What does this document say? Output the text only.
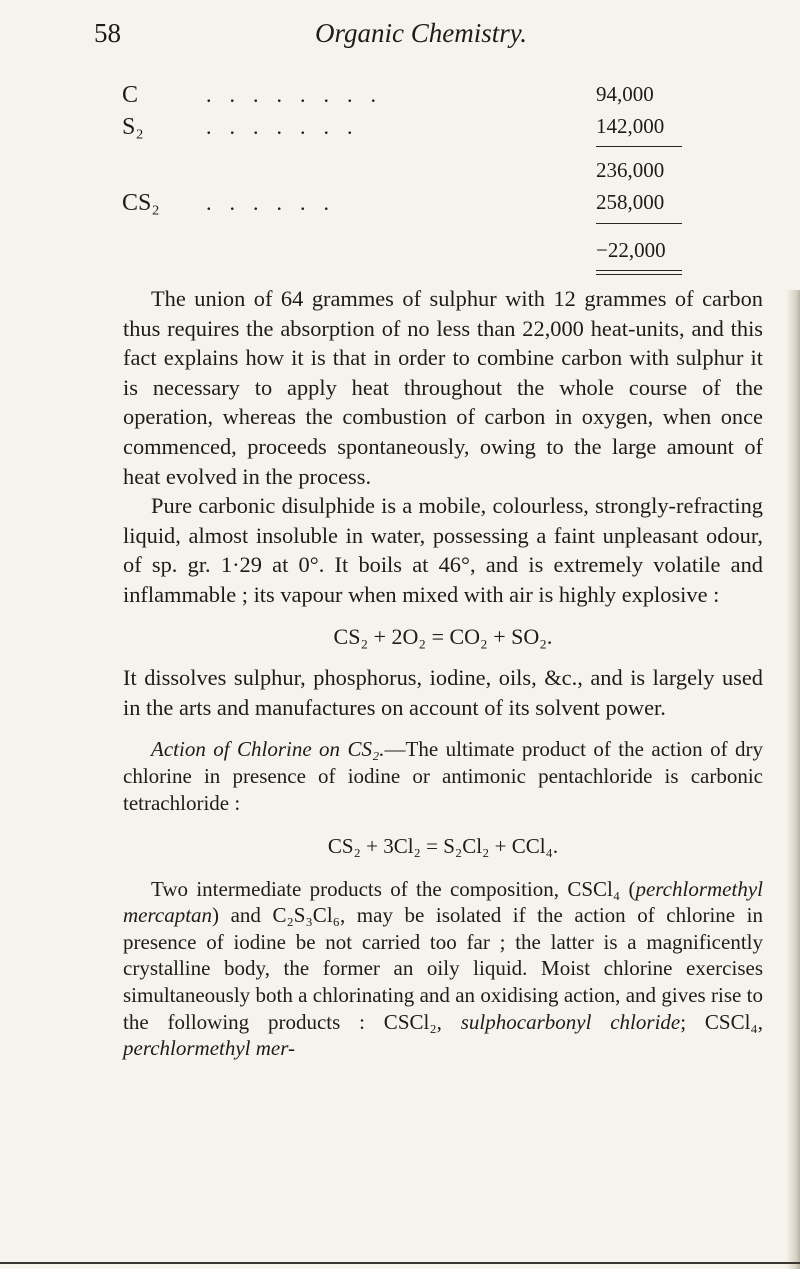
58	Organic Chemistry.
C	........	94,000
S₂	.......	142,000
236,000
CS₂ ......	258,000
−22,000

The union of 64 grammes of sulphur with 12 grammes of carbon thus requires the absorption of no less than 22,000 heat-units, and this fact explains how it is that in order to combine carbon with sulphur it is necessary to apply heat throughout the whole course of the operation, whereas the combustion of carbon in oxygen, when once commenced, proceeds spontaneously, owing to the large amount of heat evolved in the process.

Pure carbonic disulphide is a mobile, colourless, strongly-refracting liquid, almost insoluble in water, possessing a faint unpleasant odour, of sp. gr. 1·29 at 0°. It boils at 46°, and is extremely volatile and inflammable ; its vapour when mixed with air is highly explosive :

CS₂ + 2O₂ = CO₂ + SO₂.

It dissolves sulphur, phosphorus, iodine, oils, &c., and is largely used in the arts and manufactures on account of its solvent power.

Action of Chlorine on CS₂.—The ultimate product of the action of dry chlorine in presence of iodine or antimonic pentachloride is carbonic tetrachloride :

CS₂ + 3Cl₂ = S₂Cl₂ + CCl₄.

Two intermediate products of the composition, CSCl₄ (perchlormethyl mercaptan) and C₂S₃Cl₆, may be isolated if the action of chlorine in presence of iodine be not carried too far ; the latter is a magnificently crystalline body, the former an oily liquid. Moist chlorine exercises simultaneously both a chlorinating and an oxidising action, and gives rise to the following products : CSCl₂, sulphocarbonyl chloride; CSCl₄, perchlormethyl mer-
